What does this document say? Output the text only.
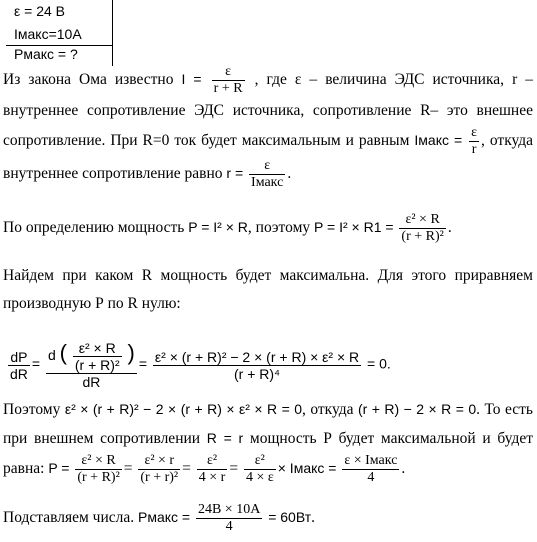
ε = 24 В
Iмакс=10А
Рмакс = ?
Из закона Ома известно $I = \frac{\varepsilon}{r + R}$ , где ε – величина ЭДС источника, r – внутреннее сопротивление ЭДС источника, сопротивление R– это внешнее сопротивление. При R=0 ток будет максимальным и равным Iмакс = $\frac{\varepsilon}{r}$ , откуда внутреннее сопротивление равно $r = \frac{\varepsilon}{\text{Iмакс}}$ .
По определению мощность P = I² × R, поэтому $P = I^2 \times R1 = \frac{\text{ε² × R}}{\text{(r + R)²}}$ .
Найдем при каком R мощность будет максимальна. Для этого приравняем производную Р по R нулю:
$\frac{dP}{dR}$ =
d ( $\frac{\text{ε² × R}}{\text{(r + R)²}}$ )
dR
= $\frac{\text{ε² × (r + R)² − 2 × (r + R) × ε² × R}}{\text{(r + R)⁴}} = 0$.
Поэтому ε² × (r + R)² − 2 × (r + R) × ε² × R = 0, откуда (r + R) − 2 × R = 0. То есть при внешнем сопротивлении R = r мощность Р будет максимальной и будет равна: $P = \frac{\text{ε² × R}}{\text{(r + R)²}} = \frac{\text{ε² × r}}{\text{(r + r)²}} = \frac{\text{ε²}}{4 \times r} = \frac{\text{ε²}}{4 \times \varepsilon}$ × Iмакс = $\frac{\text{ε × Iмакс}}{4}$ .
Подставляем числа. Pмакс = $\frac{24В \times 10А}{4} = 60Вт$.
